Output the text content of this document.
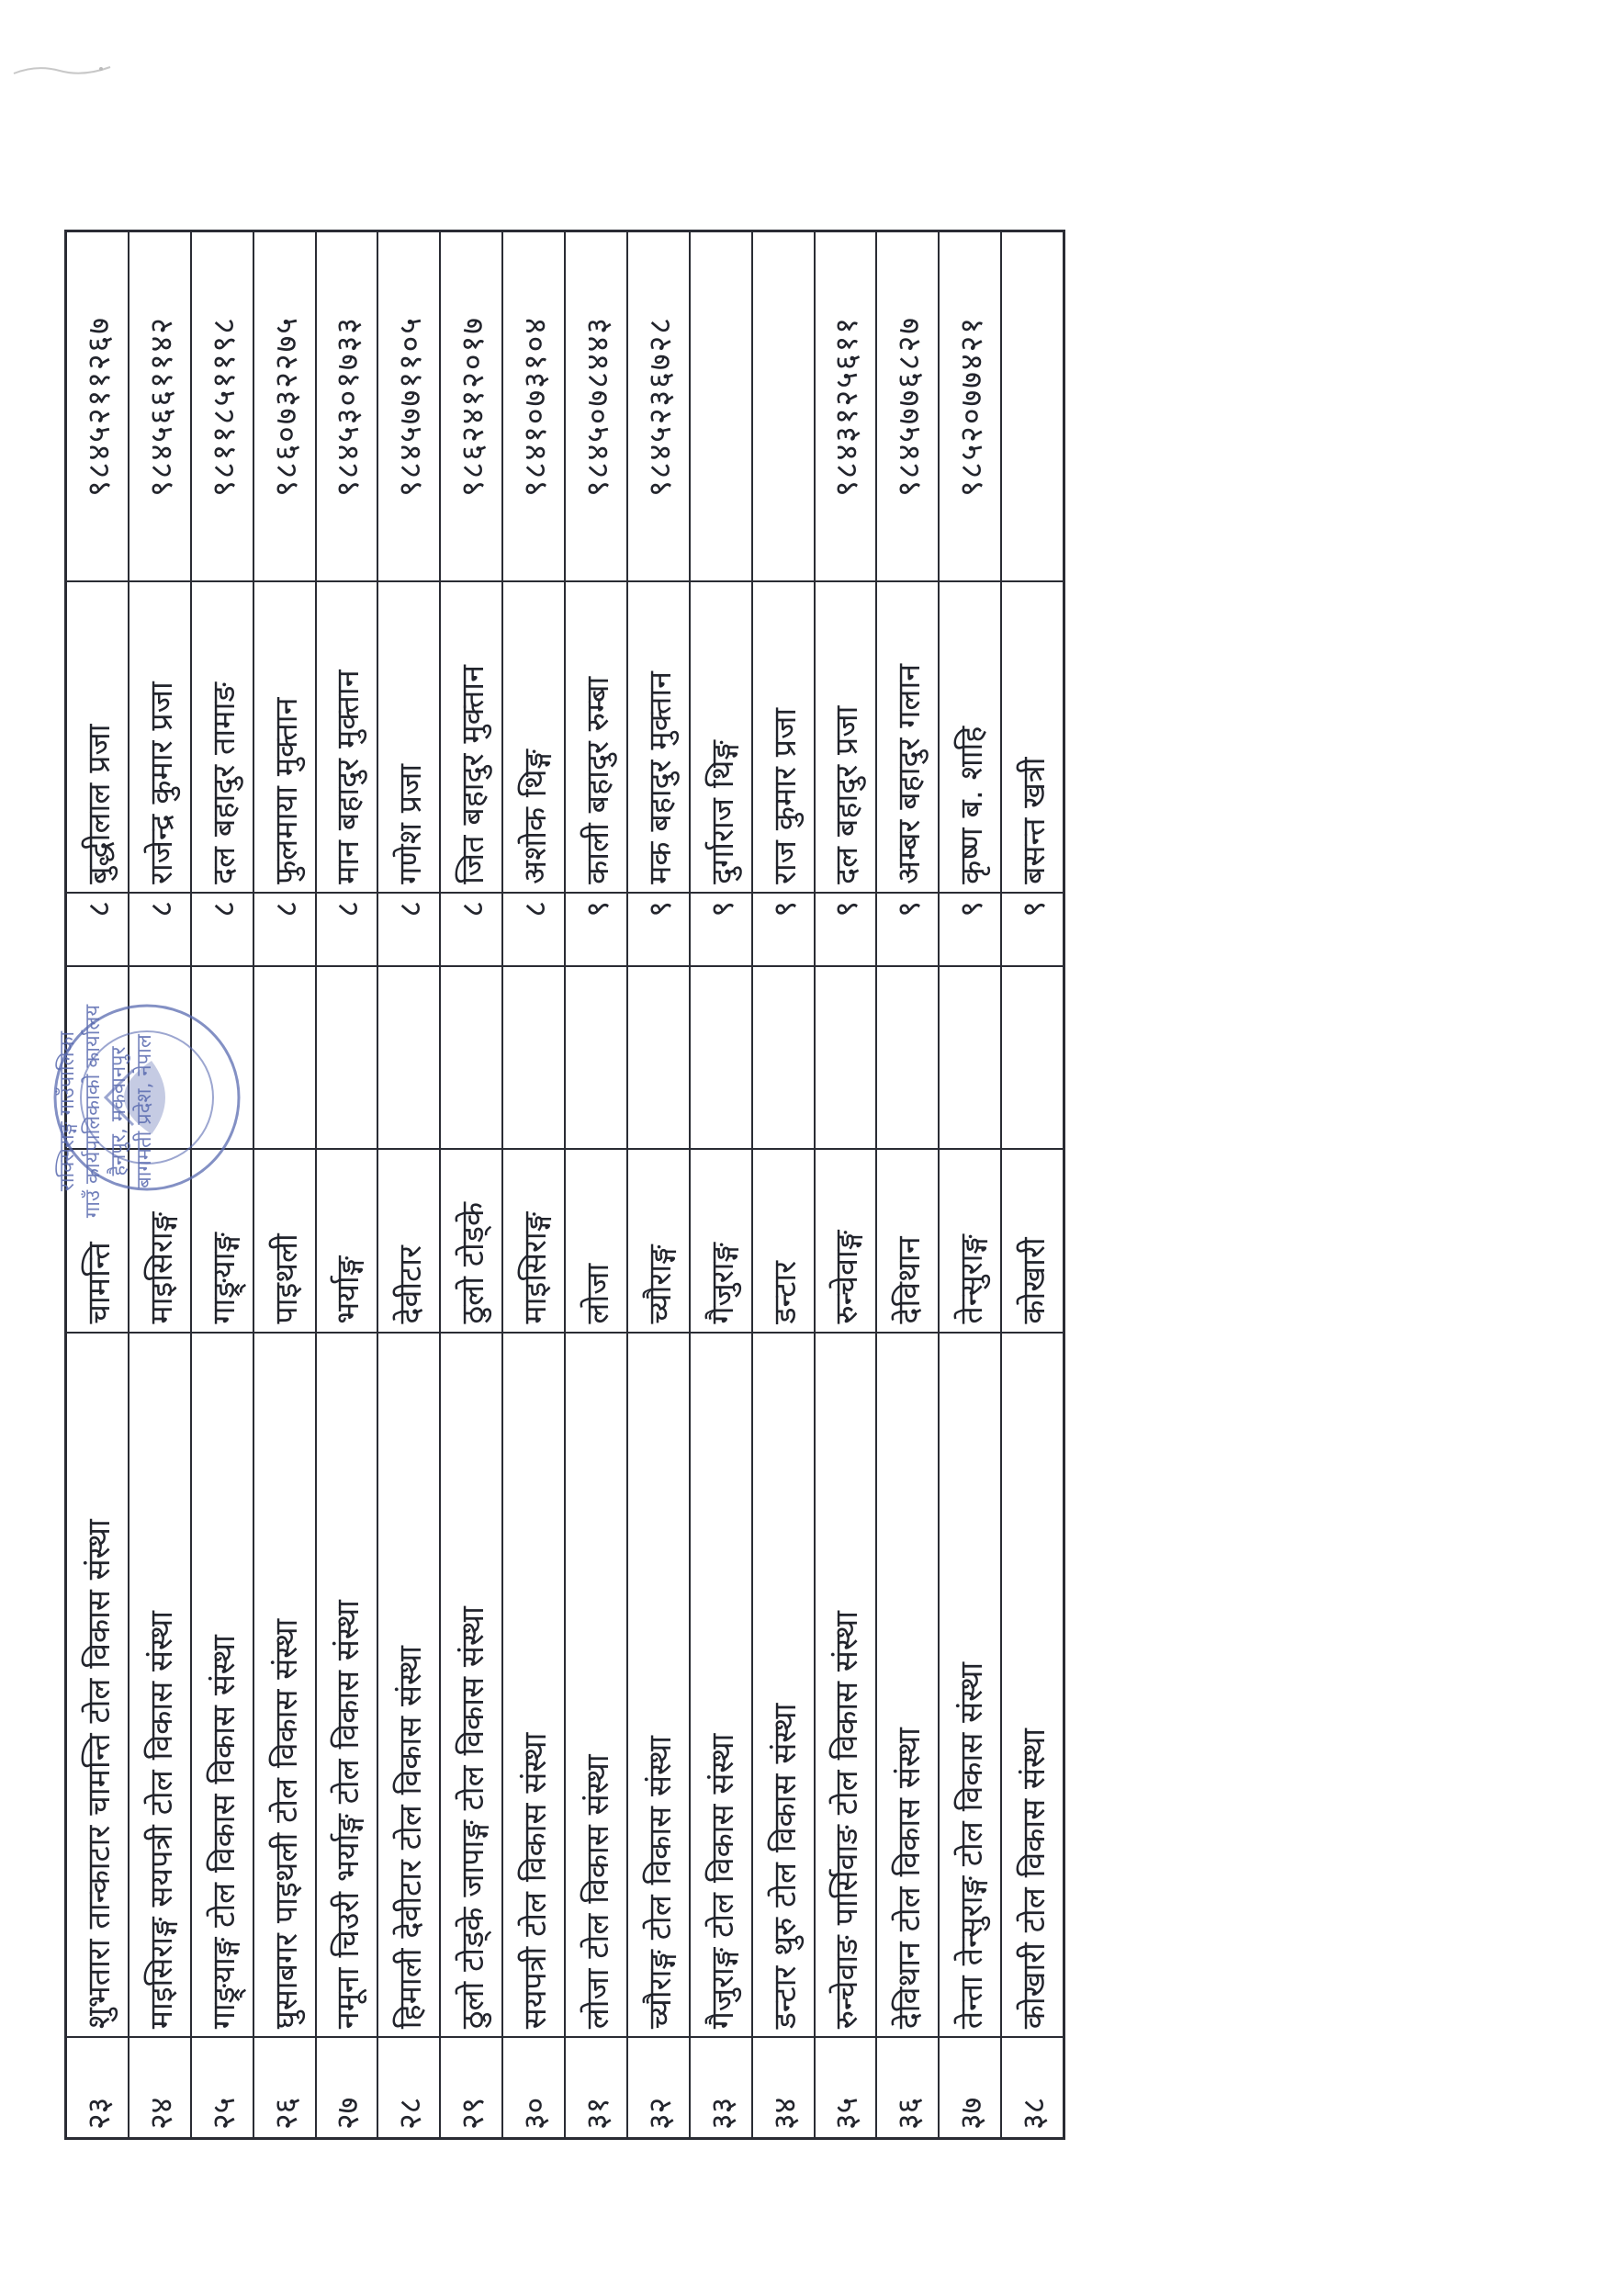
२३
शुभतारा तान्काटार चामन्ति टोल विकास संस्था
चामन्ति
८
बुद्धीलाल प्रजा
९८४५२११२६७
२४
माइसिराङ्ग सयपत्री टोल विकास संस्था
माइसिराङ्ग
८
राजेन्द्र कुमार प्रजा
९८४५६६११४२
२५
गाङ्र्याङ्ग टोल विकास विकास संस्था
गाङ्र्याङ्ग
८
दल बहादुर तामाङ
९८११८५११९८
२६
घुसाबगर पाइथली टोल विकास संस्था
पाइथली
८
फुलमाया मुक्तान
९८६०७३२२७५
२७
नमूना चिउरी भर्याङ्ग टोल विकास संस्था
भर्याङ्ग
८
मान बहादुर मुक्तान
९८४५३०१७३३
२८
हिमाली देवीटार टोल विकास संस्था
देवीटार
८
गणेश प्रजा
९८४५७७११०५
२९
ठुलो टोड्के जापाङ्ग टोल विकास संस्था
ठुलो टोड्के
८
जित बहादुर मुक्तान
९८६२४१२०१७
३०
सयपत्री टोल विकास संस्था
माइसिराङ्ग
८
अशोक थिङ्ग
९८४१०७३१०४
३१
लोजा टोल विकास संस्था
लोजा
९
काली बहादुर रुम्बा
९८४५०७८४४३
३२
च्यौराङ्ग टोल विकास संस्था
च्यौराङ्ग
९
मक बहादुर मुक्तान
९८४५२३६७२८
३३
गैजुराङ्ग टोल विकास संस्था
गैजुराङ्ग
९
दुर्गाराज थिङ्ग
३४
डन्टार थुरु टोल विकास संस्था
डन्टार
९
राज कुमार प्रजा
३५
रुन्चेवाङ पार्सिवाङ टोल विकास संस्था
रुन्चेवाङ्ग
९
दल बहादुर प्रजा
९८४३१२५६११
३६
देविथान टोल विकास संस्था
देविथान
९
अम्बर बहादुर गलान
९८४५७७६८२७
३७
तेन्ता तेन्सुराङ्ग टोल विकास संस्था
तेन्सुराङ्ग
९
कृष्ण ब. शाहि
९८५२०७७४२१
३८
कोखारी टोल विकास संस्था
कोखारी
९
बसन्त खत्री
राक्सिराङ्ग गाउँपालिका गाउँ कार्यपालिकाको कार्यालय हैनपुर, मकवानपुर बागमती प्रदेश, नेपाल
